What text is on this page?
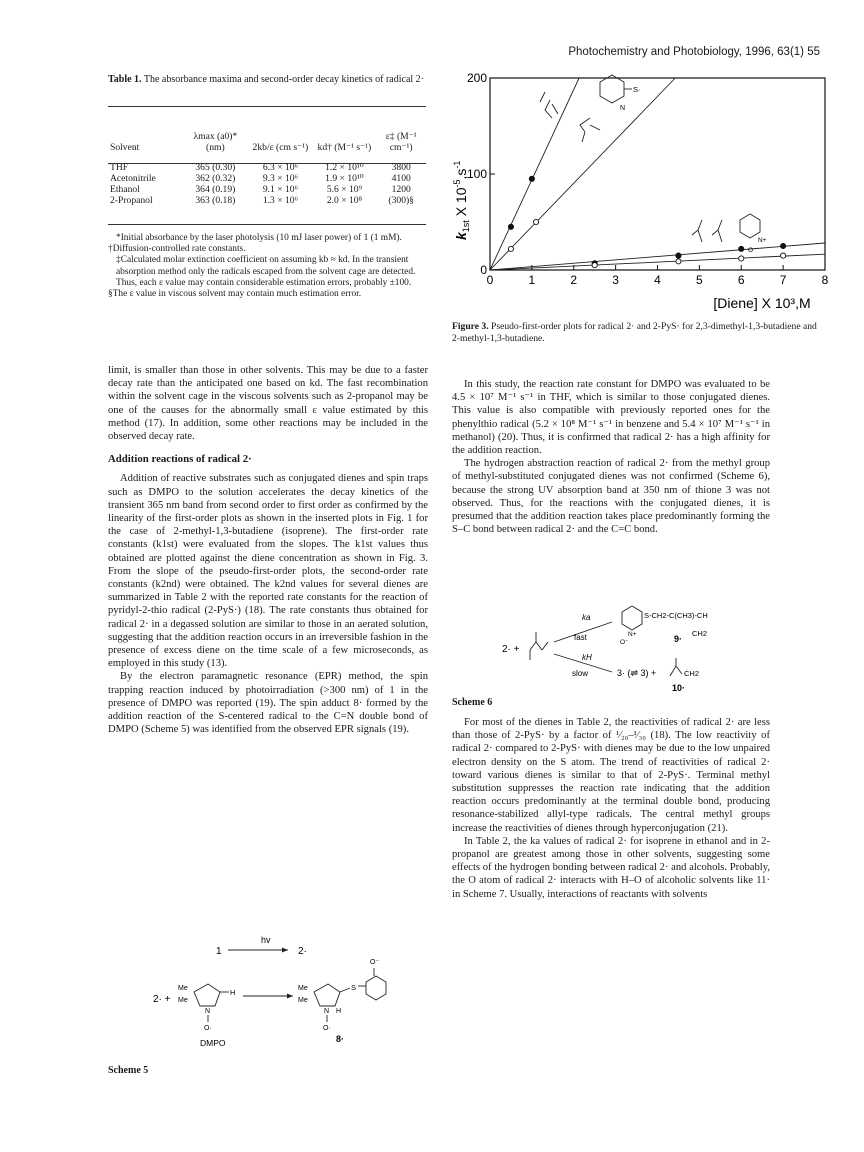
Photochemistry and Photobiology, 1996, 63(1) 55
Table 1. The absorbance maxima and second-order decay kinetics of radical 2·
Solvent	λmax (a0)* (nm)	2kb/ε (cm s⁻¹)	kd† (M⁻¹ s⁻¹)	ε‡ (M⁻¹ cm⁻¹)
THF	365 (0.30)	6.3 × 10⁶	1.2 × 10¹⁰	3800
Acetonitrile	362 (0.32)	9.3 × 10⁶	1.9 × 10¹⁰	4100
Ethanol	364 (0.19)	9.1 × 10⁶	5.6 × 10⁹	1200
2-Propanol	363 (0.18)	1.3 × 10⁶	2.0 × 10⁸	(300)§

*Initial absorbance by the laser photolysis (10 mJ laser power) of 1 (1 mM).

†Diffusion-controlled rate constants.

‡Calculated molar extinction coefficient on assuming kb ≈ kd. In the transient absorption method only the radicals escaped from the solvent cage are detected. Thus, each ε value may contain considerable estimation errors, probably ±100.

§The ε value in viscous solvent may contain much estimation error.

limit, is smaller than those in other solvents. This may be due to a faster decay rate than the anticipated one based on kd. The fast recombination within the solvent cage in the viscous solvents such as 2-propanol may be one of the causes for the abnormally small ε value estimated by this method (17). In addition, some other reactions may be included in the observed decay rate.

Addition reactions of radical 2·

Addition of reactive substrates such as conjugated dienes and spin traps such as DMPO to the solution accelerates the decay kinetics of the transient 365 nm band from second order to first order as confirmed by the linearity of the first-order plots as shown in the inserted plots in Fig. 1 for the case of 2-methyl-1,3-butadiene (isoprene). The first-order rate constants (k1st) were evaluated from the slopes. The k1st values thus obtained are plotted against the diene concentration as shown in Fig. 3. From the slope of the pseudo-first-order plots, the second-order rate constants (k2nd) were obtained. The k2nd values for several dienes are summarized in Table 2 with the reported rate constants for the reaction of pyridyl-2-thio radical (2-PyS·) (18). The rate constants thus obtained for radical 2· in a degassed solution are similar to those in an aerated solution, suggesting that the addition reaction occurs in an irreversible fashion in the presence of excess diene on the time scale of a few microseconds, as employed in this study (13).

By the electron paramagnetic resonance (EPR) method, the spin trapping reaction induced by photoirradiation (>300 nm) of 1 in the presence of DMPO was reported (19). The spin adduct 8· formed by the addition reaction of the S-centered radical to the C=N double bond of DMPO (Scheme 5) was identified from the observed EPR signals (19).

1
hv
2·
2· +
H
Me
Me
N
O·
DMPO
Me
Me
N H
O·
S
O⁻
8·
Scheme 5
0	1	2	3	4	5	6	7	8
0
100
200
S·
N
N+
O⁻
[Diene] X 10³,M
$k_{1st}$ X $10^{-5},s^{-1}$
Figure 3. Pseudo-first-order plots for radical 2· and 2-PyS· for 2,3-dimethyl-1,3-butadiene and 2-methyl-1,3-butadiene.

In this study, the reaction rate constant for DMPO was evaluated to be 4.5 × 10⁷ M⁻¹ s⁻¹ in THF, which is similar to those conjugated dienes. This value is also compatible with previously reported ones for the phenylthio radical (5.2 × 10⁸ M⁻¹ s⁻¹ in benzene and 5.4 × 10⁷ M⁻¹ s⁻¹ in methanol) (20). Thus, it is confirmed that radical 2· has a high affinity for the addition reaction.

The hydrogen abstraction reaction of radical 2· from the methyl group of methyl-substituted conjugated dienes was not confirmed (Scheme 6), because the strong UV absorption band at 350 nm of thione 3 was not observed. Thus, for the reactions with the conjugated dienes, it is presumed that the addition reaction takes place predominantly forming the S–C bond between radical 2· and the C=C bond.

2· +
ka
fast
kH
slow
S-CH2-C(CH3)-CH
N+
O⁻
CH2
9·
3· (⇌ 3) +	ĊH2
10·
Scheme 6

For most of the dienes in Table 2, the reactivities of radical 2· are less than those of 2-PyS· by a factor of ¹⁄₂₀–¹⁄₃₀ (18). The low reactivity of radical 2· compared to 2-PyS· with dienes may be due to the low unpaired electron density on the S atom. The trend of reactivities of radical 2· toward various dienes is similar to that of 2-PyS·. Terminal methyl substitution suppresses the reaction rate indicating that the addition reaction occurs predominantly at the terminal double bond, producing resonance-stabilized allyl-type radicals. The central methyl groups increase the reactivities of dienes through hyperconjugation (21).

In Table 2, the ka values of radical 2· for isoprene in ethanol and in 2-propanol are greatest among those in other solvents, suggesting some effects of the hydrogen bonding between radical 2· and alcohols. Probably, the O atom of radical 2· interacts with H–O of alcoholic solvents like 11· in Scheme 7. Usually, interactions of reactants with solvents
